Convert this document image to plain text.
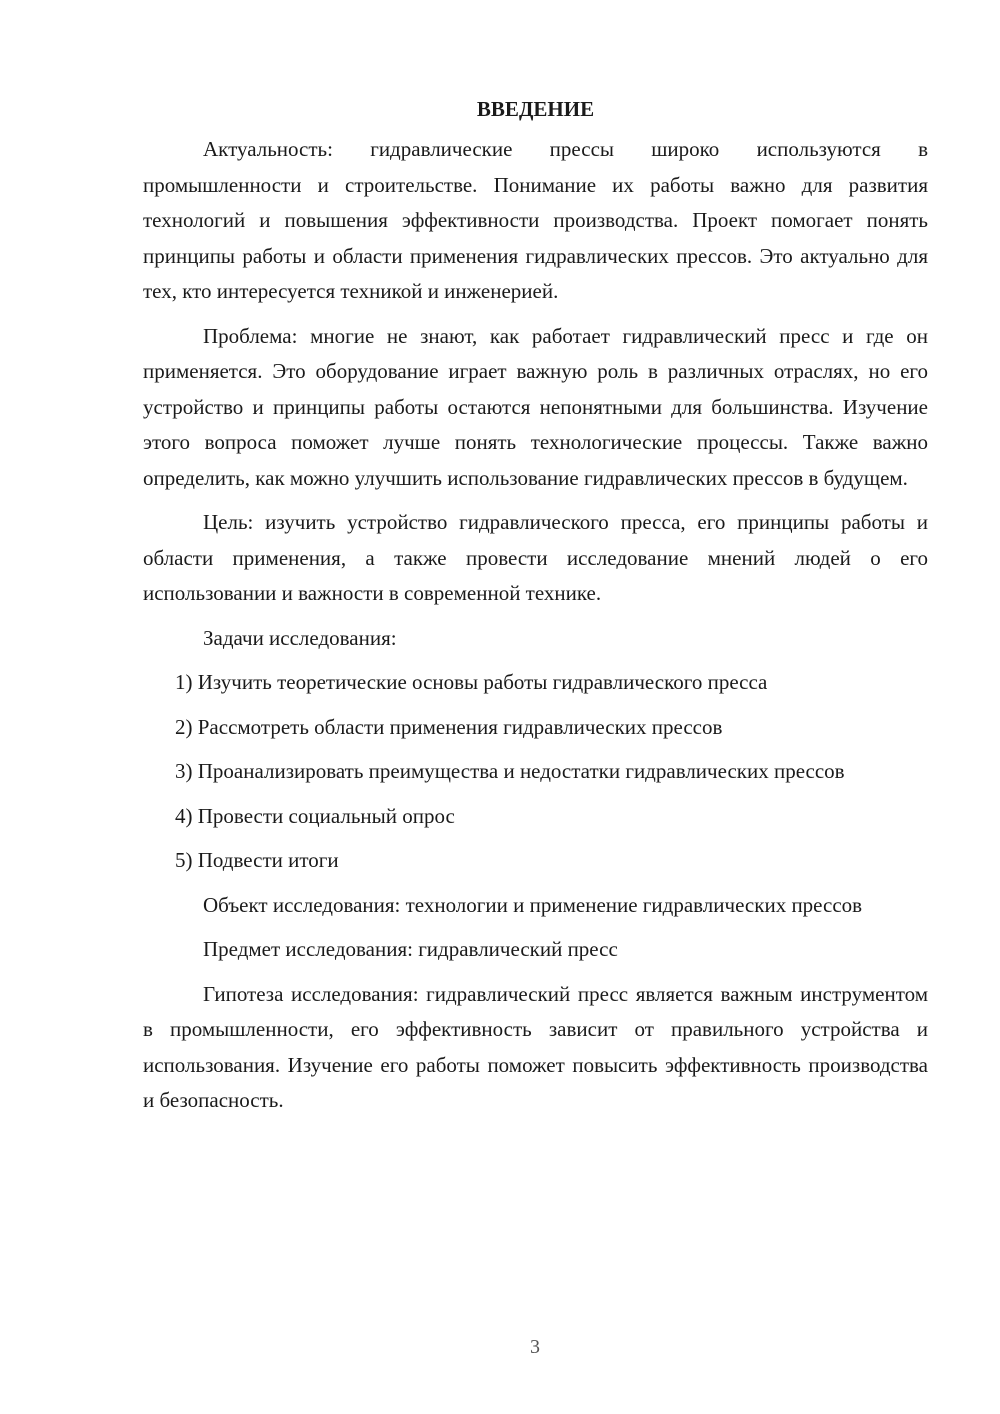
ВВЕДЕНИЕ

Актуальность: гидравлические прессы широко используются в промышленности и строительстве. Понимание их работы важно для развития технологий и повышения эффективности производства. Проект помогает понять принципы работы и области применения гидравлических прессов. Это актуально для тех, кто интересуется техникой и инженерией.

Проблема: многие не знают, как работает гидравлический пресс и где он применяется. Это оборудование играет важную роль в различных отраслях, но его устройство и принципы работы остаются непонятными для большинства. Изучение этого вопроса поможет лучше понять технологические процессы. Также важно определить, как можно улучшить использование гидравлических прессов в будущем.

Цель: изучить устройство гидравлического пресса, его принципы работы и области применения, а также провести исследование мнений людей о его использовании и важности в современной технике.

Задачи исследования:

1) Изучить теоретические основы работы гидравлического пресса

2) Рассмотреть области применения гидравлических прессов

3) Проанализировать преимущества и недостатки гидравлических прессов

4) Провести социальный опрос

5) Подвести итоги

Объект исследования: технологии и применение гидравлических прессов

Предмет исследования: гидравлический пресс

Гипотеза исследования: гидравлический пресс является важным инструментом в промышленности, его эффективность зависит от правильного устройства и использования. Изучение его работы поможет повысить эффективность производства и безопасность.

3
